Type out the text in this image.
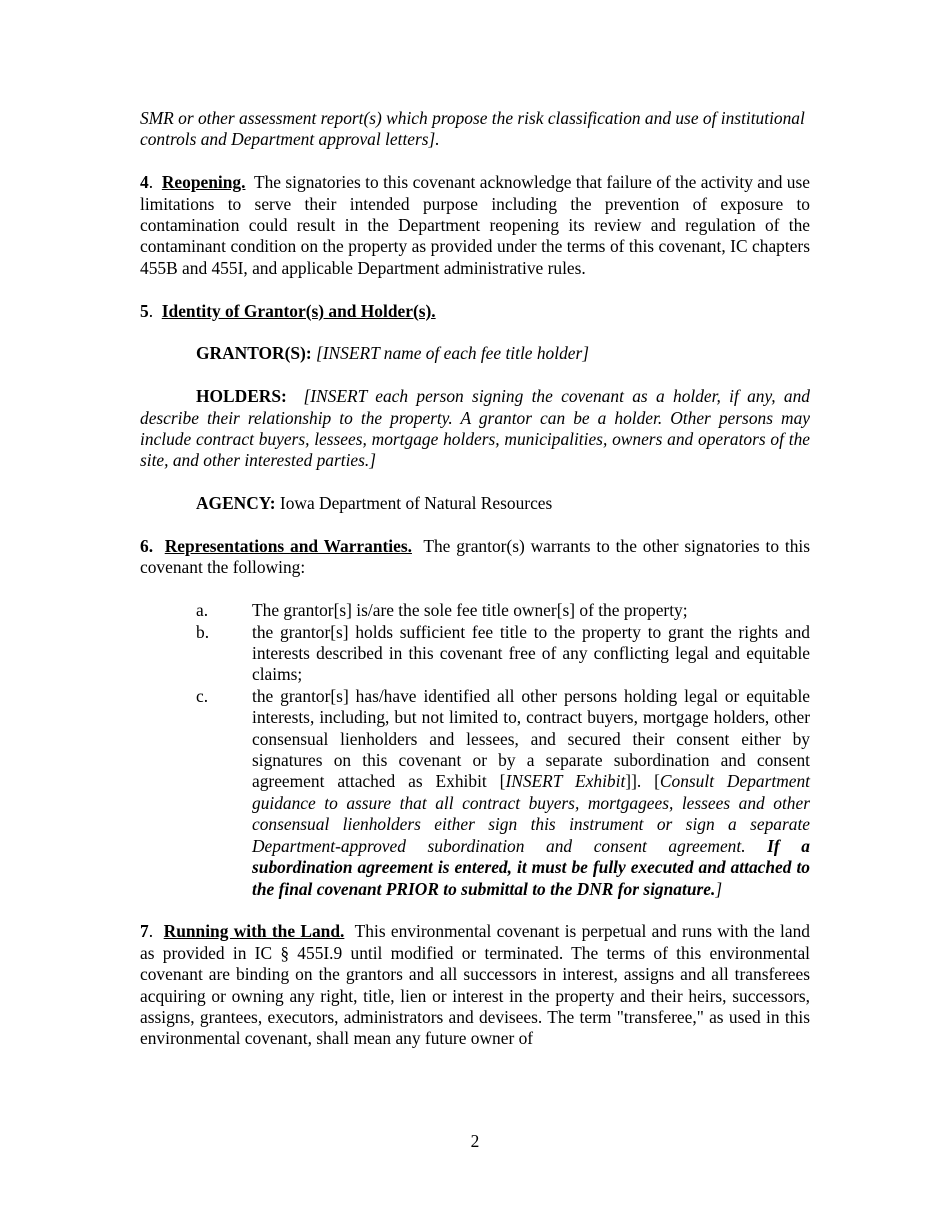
SMR or other assessment report(s) which propose the risk classification and use of institutional controls and Department approval letters].

4.  Reopening. The signatories to this covenant acknowledge that failure of the activity and use limitations to serve their intended purpose including the prevention of exposure to contamination could result in the Department reopening its review and regulation of the contaminant condition on the property as provided under the terms of this covenant, IC chapters 455B and 455I, and applicable Department administrative rules.

5.  Identity of Grantor(s) and Holder(s).

GRANTOR(S): [INSERT name of each fee title holder]

HOLDERS: [INSERT each person signing the covenant as a holder, if any, and describe their relationship to the property. A grantor can be a holder. Other persons may include contract buyers, lessees, mortgage holders, municipalities, owners and operators of the site, and other interested parties.]

AGENCY: Iowa Department of Natural Resources

6. Representations and Warranties. The grantor(s) warrants to the other signatories to this covenant the following:

a.	The grantor[s] is/are the sole fee title owner[s] of the property;
b.	the grantor[s] holds sufficient fee title to the property to grant the rights and interests described in this covenant free of any conflicting legal and equitable claims;
c.	the grantor[s] has/have identified all other persons holding legal or equitable interests, including, but not limited to, contract buyers, mortgage holders, other consensual lienholders and lessees, and secured their consent either by signatures on this covenant or by a separate subordination and consent agreement attached as Exhibit [INSERT Exhibit]]. [Consult Department guidance to assure that all contract buyers, mortgagees, lessees and other consensual lienholders either sign this instrument or sign a separate Department-approved subordination and consent agreement. If a subordination agreement is entered, it must be fully executed and attached to the final covenant PRIOR to submittal to the DNR for signature.]

7.  Running with the Land. This environmental covenant is perpetual and runs with the land as provided in IC § 455I.9 until modified or terminated. The terms of this environmental covenant are binding on the grantors and all successors in interest, assigns and all transferees acquiring or owning any right, title, lien or interest in the property and their heirs, successors, assigns, grantees, executors, administrators and devisees. The term "transferee," as used in this environmental covenant, shall mean any future owner of

2
